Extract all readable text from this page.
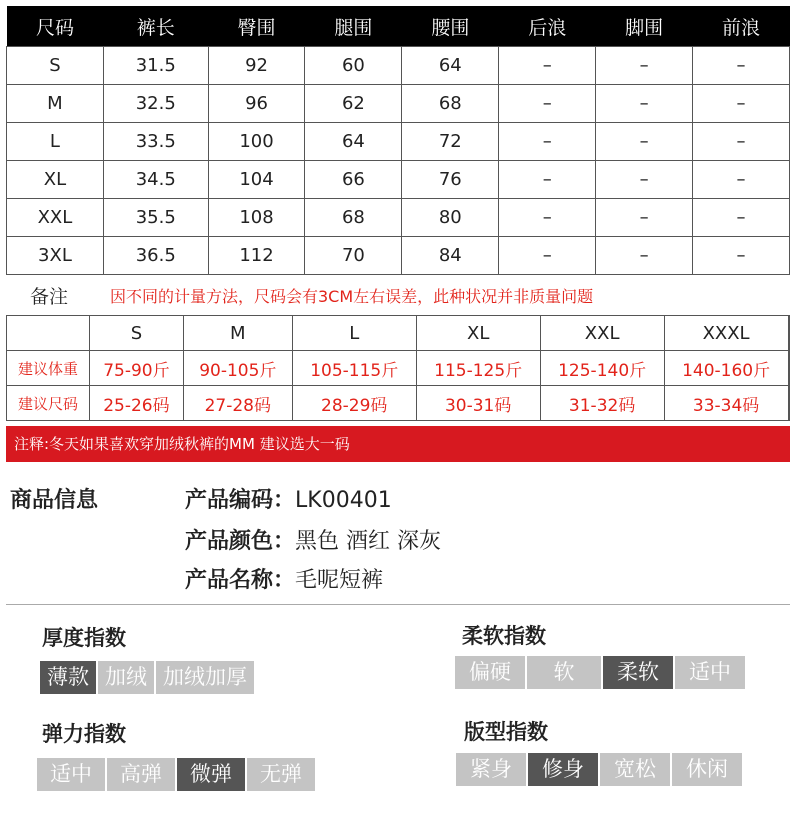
尺码	裤长	臀围	腿围	腰围	后浪	脚围	前浪
S	31.5	92	60	64	–	–	–
M	32.5	96	62	68	–	–	–
L	33.5	100	64	72	–	–	–
XL	34.5	104	66	76	–	–	–
XXL	35.5	108	68	80	–	–	–
3XL	36.5	112	70	84	–	–	–
备注	因不同的计量方法，尺码会有3CM左右误差，此种状况并非质量问题
	S	M	L	XL	XXL	XXXL	
建议体重	75-90斤	90-105斤	105-115斤	115-125斤	125-140斤	140-160斤	
建议尺码	25-26码	27-28码	28-29码	30-31码	31-32码	33-34码	
注释:冬天如果喜欢穿加绒秋裤的MM 建议选大一码
商品信息	产品编码：LK00401
产品颜色：黑色 酒红 深灰
产品名称：毛呢短裤
厚度指数
薄款 加绒 加绒加厚
柔软指数
偏硬	软	柔软	适中
弹力指数
适中	高弹	微弹	无弹
版型指数
紧身	修身	宽松	休闲
